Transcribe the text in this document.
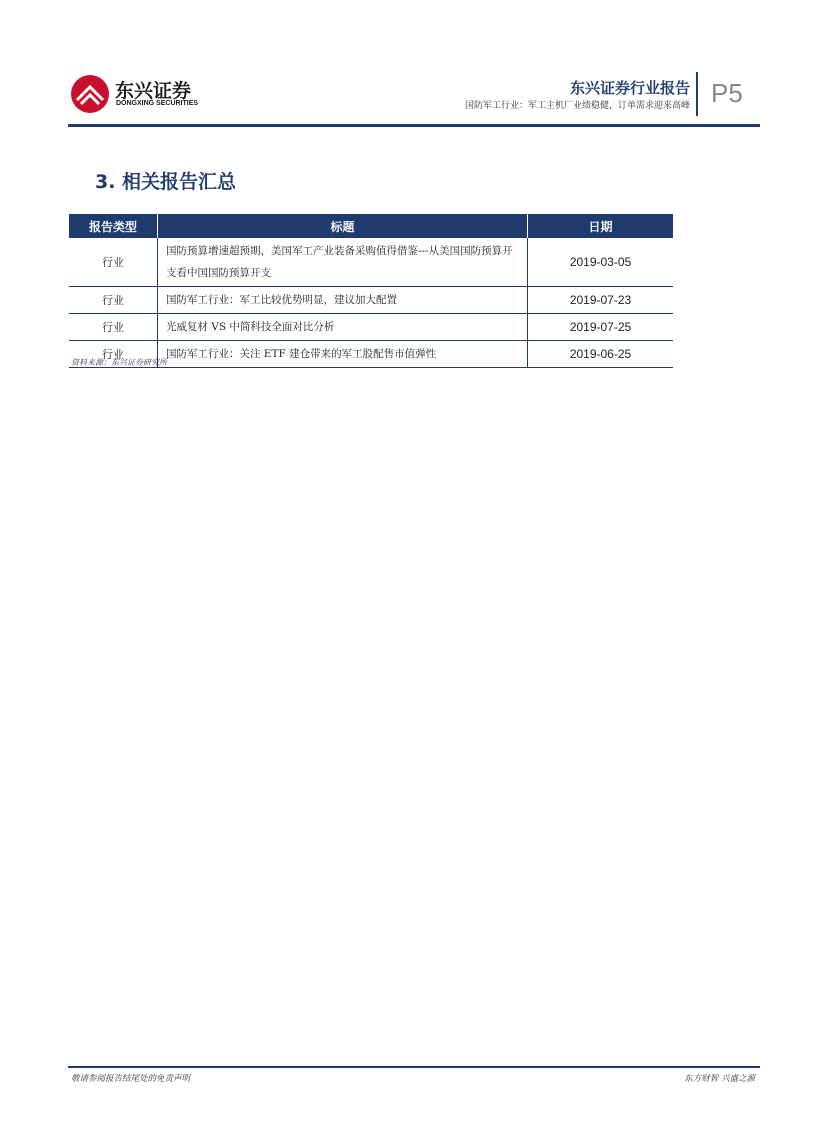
东兴证券
DONGXING SECURITIES
东兴证券行业报告
国防军工行业：军工主机厂业绩稳健，订单需求迎来高峰 P5
3. 相关报告汇总
报告类型	标题	日期
行业	国防预算增速超预期，美国军工产业装备采购值得借鉴---从美国国防预算开支看中国国防预算开支	2019-03-05
行业	国防军工行业：军工比较优势明显，建议加大配置	2019-07-23
行业	光威复材 VS 中简科技全面对比分析	2019-07-25
行业	国防军工行业：关注 ETF 建仓带来的军工股配售市值弹性	2019-06-25
资料来源：东兴证券研究所
敬请参阅报告结尾处的免责声明	东方财智 兴盛之源
